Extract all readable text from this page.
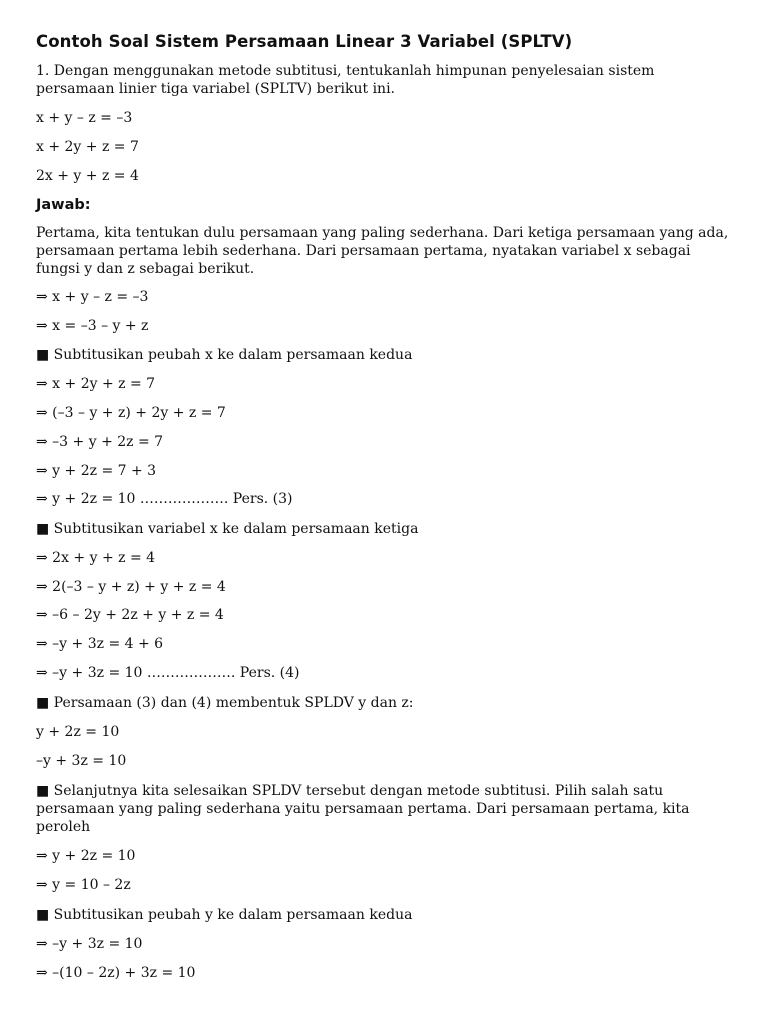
Contoh Soal Sistem Persamaan Linear 3 Variabel (SPLTV)
1. Dengan menggunakan metode subtitusi, tentukanlah himpunan penyelesaian sistem persamaan linier tiga variabel (SPLTV) berikut ini.
x + y – z = –3
x + 2y + z = 7
2x + y + z = 4
Jawab:
Pertama, kita tentukan dulu persamaan yang paling sederhana. Dari ketiga persamaan yang ada, persamaan pertama lebih sederhana. Dari persamaan pertama, nyatakan variabel x sebagai fungsi y dan z sebagai berikut.
⇒ x + y – z = –3
⇒ x = –3 – y + z
■ Subtitusikan peubah x ke dalam persamaan kedua
⇒ x + 2y + z = 7
⇒ (–3 – y + z) + 2y + z = 7
⇒ –3 + y + 2z = 7
⇒ y + 2z = 7 + 3
⇒ y + 2z = 10 ………………. Pers. (3)
■ Subtitusikan variabel x ke dalam persamaan ketiga
⇒ 2x + y + z = 4
⇒ 2(–3 – y + z) + y + z = 4
⇒ –6 – 2y + 2z + y + z = 4
⇒ –y + 3z = 4 + 6
⇒ –y + 3z = 10 ………………. Pers. (4)
■ Persamaan (3) dan (4) membentuk SPLDV y dan z:
y + 2z = 10
–y + 3z = 10
■ Selanjutnya kita selesaikan SPLDV tersebut dengan metode subtitusi. Pilih salah satu persamaan yang paling sederhana yaitu persamaan pertama. Dari persamaan pertama, kita peroleh
⇒ y + 2z = 10
⇒ y = 10 – 2z
■ Subtitusikan peubah y ke dalam persamaan kedua
⇒ –y + 3z = 10
⇒ –(10 – 2z) + 3z = 10
